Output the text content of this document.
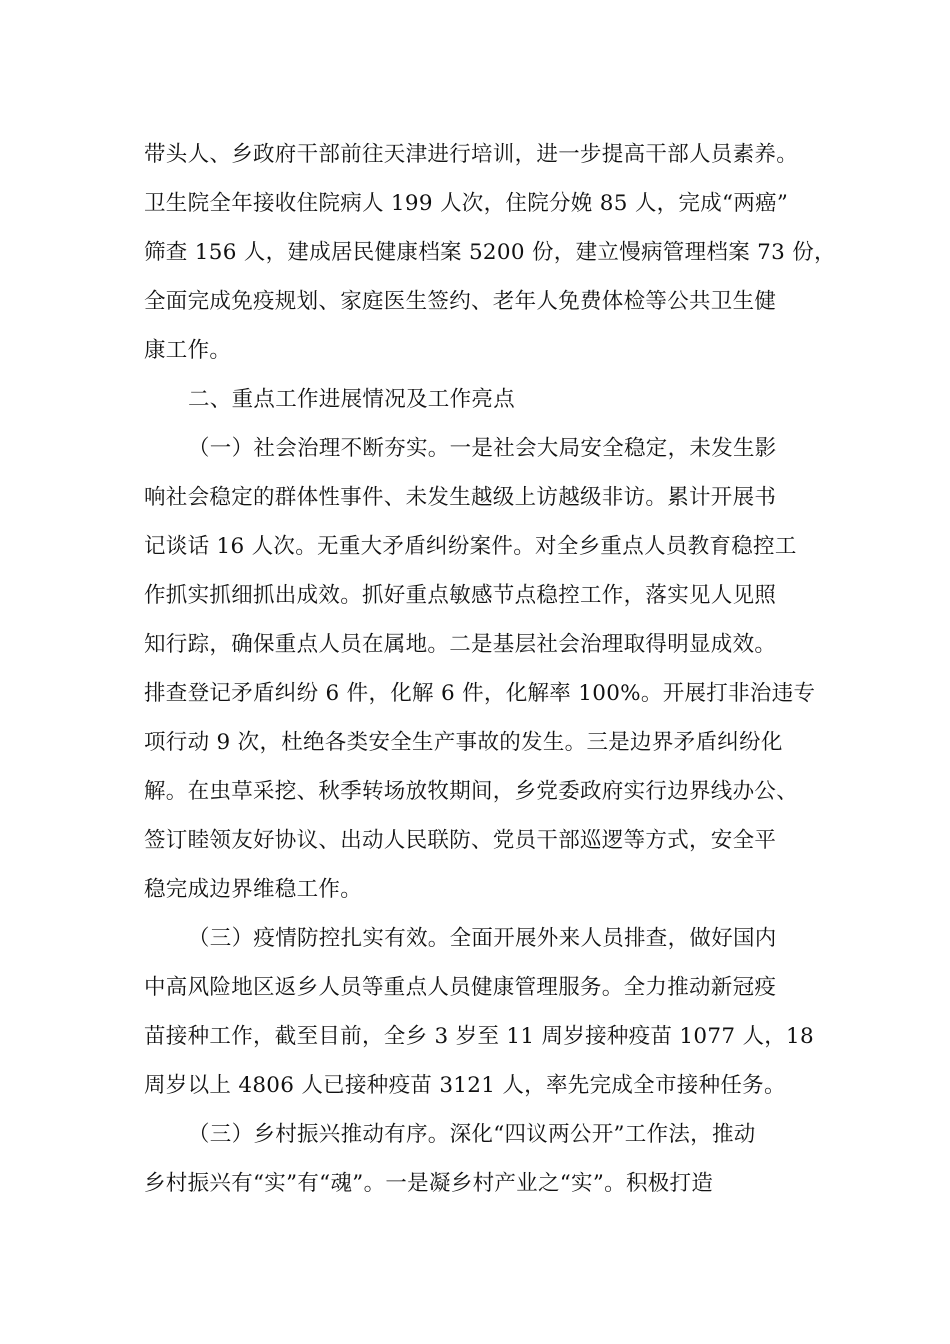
带头人、乡政府干部前往天津进行培训，进一步提高干部人员素养。
卫生院全年接收住院病人 199 人次，住院分娩 85 人，完成“两癌”
筛查 156 人，建成居民健康档案 5200 份，建立慢病管理档案 73 份，
全面完成免疫规划、家庭医生签约、老年人免费体检等公共卫生健
康工作。
二、重点工作进展情况及工作亮点
（一）社会治理不断夯实。一是社会大局安全稳定，未发生影
响社会稳定的群体性事件、未发生越级上访越级非访。累计开展书
记谈话 16 人次。无重大矛盾纠纷案件。对全乡重点人员教育稳控工
作抓实抓细抓出成效。抓好重点敏感节点稳控工作，落实见人见照
知行踪，确保重点人员在属地。二是基层社会治理取得明显成效。
排查登记矛盾纠纷 6 件，化解 6 件，化解率 100%。开展打非治违专
项行动 9 次，杜绝各类安全生产事故的发生。三是边界矛盾纠纷化
解。在虫草采挖、秋季转场放牧期间，乡党委政府实行边界线办公、
签订睦领友好协议、出动人民联防、党员干部巡逻等方式，安全平
稳完成边界维稳工作。
（三）疫情防控扎实有效。全面开展外来人员排查，做好国内
中高风险地区返乡人员等重点人员健康管理服务。全力推动新冠疫
苗接种工作，截至目前，全乡 3 岁至 11 周岁接种疫苗 1077 人，18
周岁以上 4806 人已接种疫苗 3121 人，率先完成全市接种任务。
（三）乡村振兴推动有序。深化“四议两公开”工作法，推动
乡村振兴有“实”有“魂”。一是凝乡村产业之“实”。积极打造
